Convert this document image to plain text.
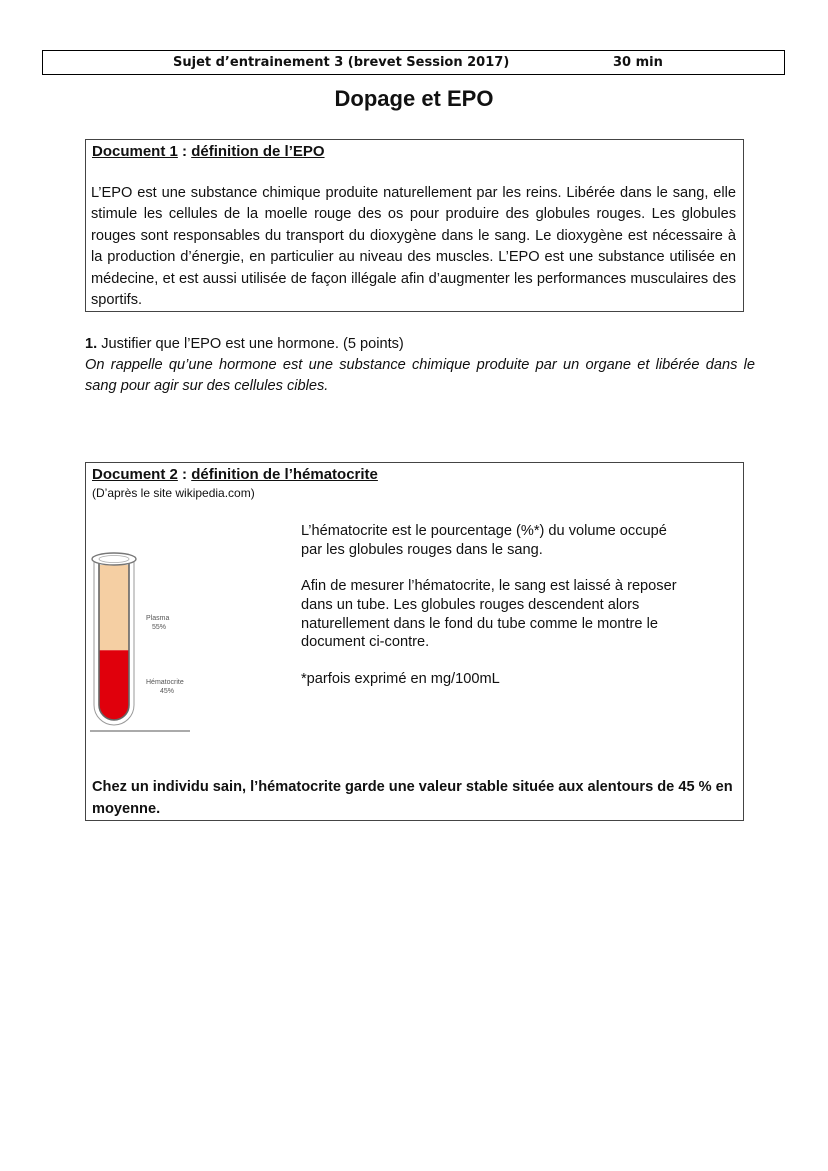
Sujet d’entrainement 3 (brevet Session 2017)	30 min
Dopage et EPO
Document 1 : définition de l’EPO
L’EPO est une substance chimique produite naturellement par les reins. Libérée dans le sang, elle stimule les cellules de la moelle rouge des os pour produire des globules rouges. Les globules rouges sont responsables du transport du dioxygène dans le sang. Le dioxygène est nécessaire à la production d’énergie, en particulier au niveau des muscles. L’EPO est une substance utilisée en médecine, et est aussi utilisée de façon illégale afin d’augmenter les performances musculaires des sportifs.
1. Justifier que l’EPO est une hormone. (5 points)
On rappelle qu’une hormone est une substance chimique produite par un organe et libérée dans le sang pour agir sur des cellules cibles.
Document 2 : définition de l’hématocrite
(D’après le site wikipedia.com)
Plasma
55%
Hématocrite
45%
L’hématocrite est le pourcentage (%*) du volume occupé par les globules rouges dans le sang.
Afin de mesurer l’hématocrite, le sang est laissé à reposer dans un tube. Les globules rouges descendent alors naturellement dans le fond du tube comme le montre le document ci-contre.
*parfois exprimé en mg/100mL
Chez un individu sain, l’hématocrite garde une valeur stable située aux alentours de 45 % en moyenne.
